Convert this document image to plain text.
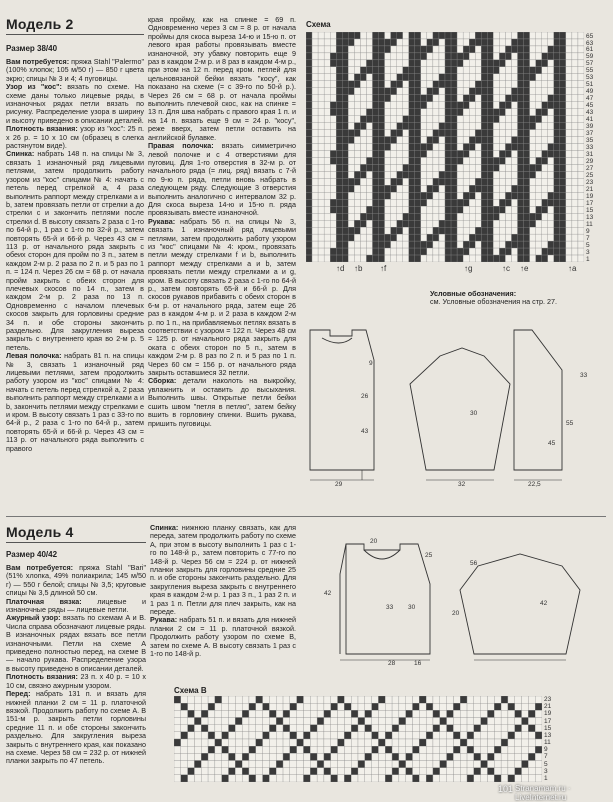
Модель 2
Размер 38/40

Вам потребуется: пряжа Stahl "Palermo" (100% хлопок; 105 м/50 г) — 850 г цвета экрю; спицы № 3 и 4; 4 пуговицы.

Узор из "кос": вязать по схеме. На схеме даны только лицевые ряды, в изнаночных рядах петли вязать по рисунку. Распределение узора в ширину и высоту приведено в описании деталей.

Плотность вязания: узор из "кос": 25 п. х 26 р. = 10 х 10 см (образец в слегка растянутом виде).

Спинка: набрать 148 п. на спицы № 3, связать 1 изнаночный ряд лицевыми петлями, затем продолжить работу узором из "кос" спицами № 4: начать с петель перед стрелкой а, 4 раза выполнить раппорт между стрелками а и b, затем провязать петли от стрелки а до стрелки c и закончить петлями после стрелки d. В высоту связать 2 раза с 1-го по 64-й р., 1 раз с 1-го по 32-й р., затем повторять 65-й и 66-й р. Через 43 см = 113 р. от начального ряда закрыть с обеих сторон для пройм по 3 п., затем в каждом 2-м р. 2 раза по 2 п. и 5 раз по 1 п. = 124 п. Через 26 см = 68 р. от начала пройм закрыть с обеих сторон для плечевых скосов по 14 п., затем в каждом 2-м р. 2 раза по 13 п. Одновременно с началом плечевых скосов закрыть для горловины средние 34 п. и обе стороны закончить раздельно. Для закругления выреза закрыть с внутреннего края во 2-м р. 5 петель.

Левая полочка: набрать 81 п. на спицы № 3, связать 1 изнаночный ряд лицевыми петлями, затем продолжить работу узором из "кос" спицами № 4: начать с петель перед стрелкой а, 2 раза выполнить раппорт между стрелками а и b, закончить петлями между стрелками e и кром. В высоту связать 1 раз с 33-го по 64-й р., 2 раза с 1-го по 64-й р., затем повторять 65-й и 66-й р. Через 43 см = 113 р. от начального ряда выполнить с правого

края пройму, как на спинке = 69 п. Одновременно через 3 см = 8 р. от начала проймы для скоса выреза 14-ю и 15-ю п. от левого края работы провязывать вместе изнаночной, эту убавку повторить еще 9 раз в каждом 2-м р. и 8 раз в каждом 4-м р., при этом на 12 п. перед кром. петлей для цельновязаной бейки вязать "косу", как показано на схеме (= с 39-го по 50-й р.). Через 26 см = 68 р. от начала проймы выполнить плечевой скос, как на спинке = 13 п. Для шва набрать с правого края 1 п. и на 14 п. вязать еще 9 см = 24 р. "косу", реже вверх, затем петли оставить на английской булавке.

Правая полочка: вязать симметрично левой полочке и с 4 отверстиями для пуговиц. Для 1-го отверстия в 32-м р. от начального ряда (= лиц. ряд) вязать с 7-й по 9-ю п. ряда, петли вновь набрать в следующем ряду. Следующие 3 отверстия выполнить аналогично с интервалом 32 р. Для скоса выреза 14-ю и 15-ю п. ряда провязывать вместе изнаночной.

Рукава: набрать 56 п. на спицы № 3, связать 1 изнаночный ряд лицевыми петлями, затем продолжить работу узором из "кос" спицами № 4: кром., провязать петли между стрелками f и b, выполнить раппорт между стрелками а и b, затем провязать петли между стрелками а и g, кром. В высоту связать 2 раза с 1-го по 64-й р., затем повторять 65-й и 66-й р. Для скосов рукавов прибавить с обеих сторон в 6-м р. от начального ряда, затем еще 26 раз в каждом 4-м р. и 2 раза в каждом 2-м р. по 1 п., на прибавляемых петлях вязать в соответствии с узором = 122 п. Через 48 см = 125 р. от начального ряда закрыть для оката с обеих сторон по 5 п., затем в каждом 2-м р. 8 раз по 2 п. и 5 раз по 1 п. Через 60 см = 156 р. от начального ряда закрыть оставшиеся 32 петли.

Сборка: детали наколоть на выкройку, увлажнить и оставить до высыхания. Выполнить швы. Открытые петли бейки сшить швом "петля в петлю", затем бейку вшить в горловину спинки. Вшить рукава, пришить пуговицы.

Схема
65
63
61
59
57
55
53
51
49
47
45
43
41
39
37
35
33
31
29
27
25
23
21
19
17
15
13
11
9
7
5
3
1
↑d ↑b ↑f	↑g	↑c ↑e	↑a
Условные обозначения:
см. Условные обозначения на стр. 27.
9
26
43
30
33
55
45
29	32	22,5
Модель 4
Размер 40/42

Вам потребуется: пряжа Stahl "Bari" (51% хлопка, 49% полиакрила; 145 м/50 г) — 550 г белой; спицы № 3,5; круговые спицы № 3,5 длиной 50 см.

Платочная вязка: лицевые и изнаночные ряды — лицевые петли.

Ажурный узор: вязать по схемам А и В. Числа справа обозначают лицевые ряды. В изнаночных рядах вязать все петли изнаночными. Петли на схеме А приведено полностью перед, на схеме В — начало рукава. Распределение узора в высоту приведено в описании деталей.

Плотность вязания: 23 п. х 40 р. = 10 х 10 см, связно ажурным узором.

Перед: набрать 131 п. и вязать для нижней планки 2 см = 11 р. платочной вязкой. Продолжить работу по схеме А. В 151-м р. закрыть петли горловины средние 11 п. и обе стороны закончить раздельно. Для закругления выреза закрыть с внутреннего края, как показано на схеме. Через 58 см = 232 р. от нижней планки закрыть по 47 петель.

Спинка: нижнюю планку связать, как для переда, затем продолжить работу по схеме А, при этом в высоту выполнить 1 раз с 1-го по 148-й р., затем повторить с 77-го по 148-й р. Через 56 см = 224 р. от нижней планки закрыть для горловины средние 25 п. и обе стороны закончить раздельно. Для закругления выреза закрыть с внутреннего края в каждом 2-м р. 1 раз 3 п., 1 раз 2 п. и 1 раз 1 п. Петли для плеч закрыть, как на переде.

Рукава: набрать 51 п. и вязать для нижней планки 2 см = 11 р. платочной вязкой. Продолжить работу узором по схеме В, затем по схеме А. В высоту связать 1 раз с 1-го по 148-й р.

20
25
42
33 30
56
28	16
20
42
Схема В
23
21
19
17
15
13
11
9
7
5
3
1
101 Stranamam.ru · LiveInternet.ru
